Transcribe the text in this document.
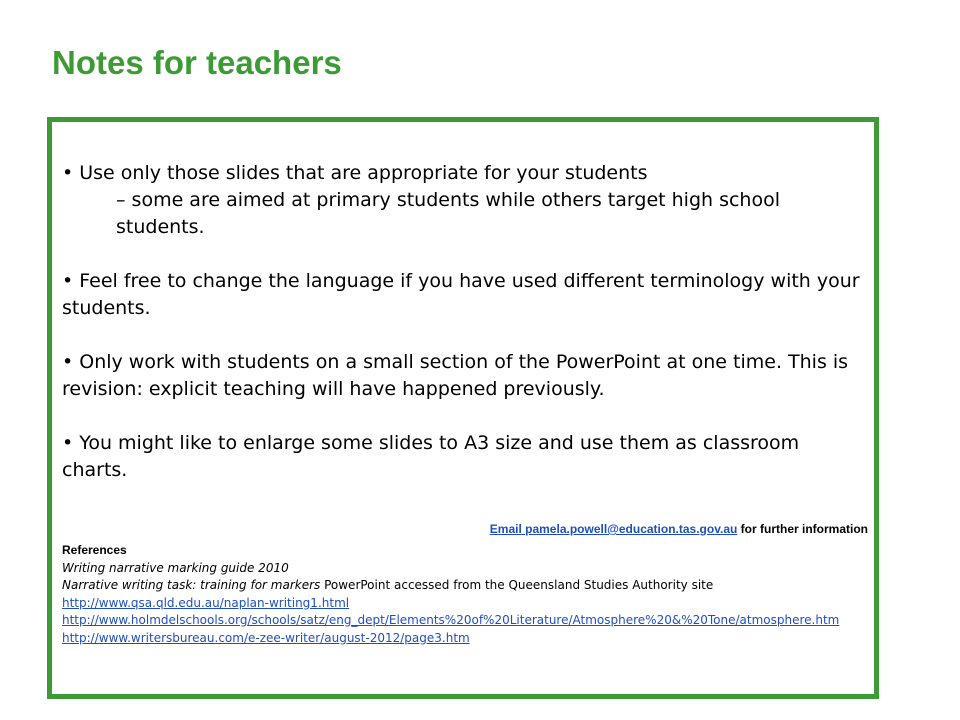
Notes for teachers

• Use only those slides that are appropriate for your students

– some are aimed at primary students while others target high school students.

• Feel free to change the language if you have used different terminology with your students.

• Only work with students on a small section of the PowerPoint at one time. This is revision: explicit teaching will have happened previously.

• You might like to enlarge some slides to A3 size and use them as classroom charts.

Email pamela.powell@education.tas.gov.au for further information
References
Writing narrative marking guide 2010
Narrative writing task: training for markers PowerPoint accessed from the Queensland Studies Authority site
http://www.qsa.qld.edu.au/naplan-writing1.html
http://www.holmdelschools.org/schools/satz/eng_dept/Elements%20of%20Literature/Atmosphere%20&%20Tone/atmosphere.htm
http://www.writersbureau.com/e-zee-writer/august-2012/page3.htm
